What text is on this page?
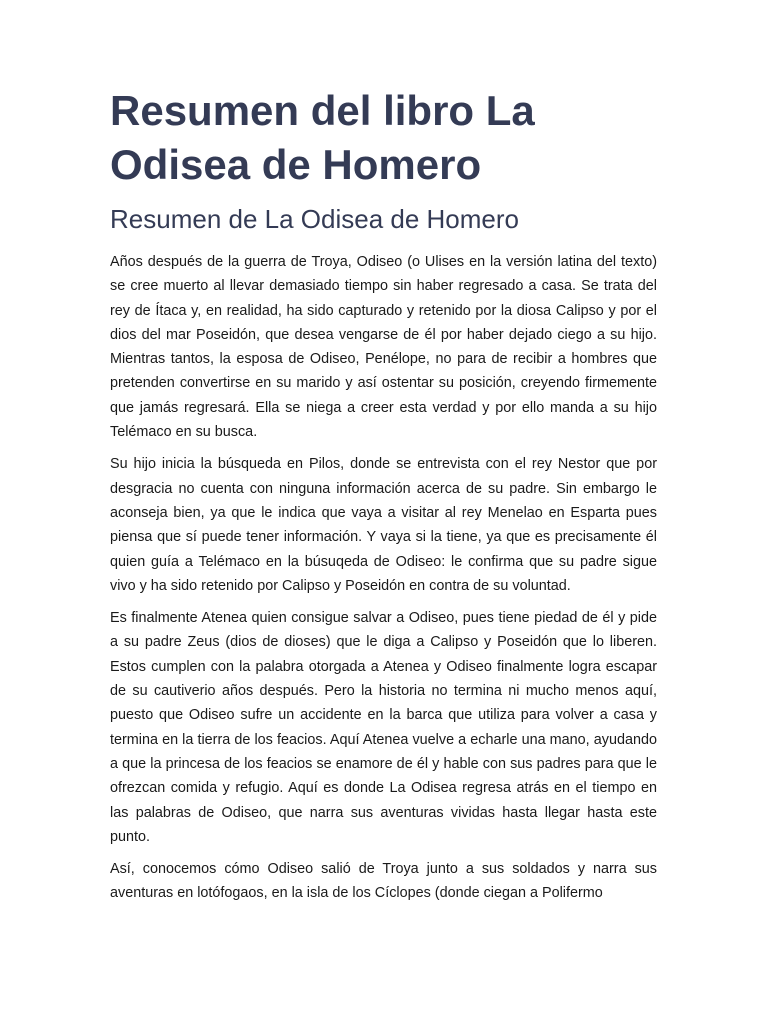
Resumen del libro La Odisea de Homero
Resumen de La Odisea de Homero

Años después de la guerra de Troya, Odiseo (o Ulises en la versión latina del texto) se cree muerto al llevar demasiado tiempo sin haber regresado a casa. Se trata del rey de Ítaca y, en realidad, ha sido capturado y retenido por la diosa Calipso y por el dios del mar Poseidón, que desea vengarse de él por haber dejado ciego a su hijo. Mientras tantos, la esposa de Odiseo, Penélope, no para de recibir a hombres que pretenden convertirse en su marido y así ostentar su posición, creyendo firmemente que jamás regresará. Ella se niega a creer esta verdad y por ello manda a su hijo Telémaco en su busca.

Su hijo inicia la búsqueda en Pilos, donde se entrevista con el rey Nestor que por desgracia no cuenta con ninguna información acerca de su padre. Sin embargo le aconseja bien, ya que le indica que vaya a visitar al rey Menelao en Esparta pues piensa que sí puede tener información. Y vaya si la tiene, ya que es precisamente él quien guía a Telémaco en la búsuqeda de Odiseo: le confirma que su padre sigue vivo y ha sido retenido por Calipso y Poseidón en contra de su voluntad.

Es finalmente Atenea quien consigue salvar a Odiseo, pues tiene piedad de él y pide a su padre Zeus (dios de dioses) que le diga a Calipso y Poseidón que lo liberen. Estos cumplen con la palabra otorgada a Atenea y Odiseo finalmente logra escapar de su cautiverio años después. Pero la historia no termina ni mucho menos aquí, puesto que Odiseo sufre un accidente en la barca que utiliza para volver a casa y termina en la tierra de los feacios. Aquí Atenea vuelve a echarle una mano, ayudando a que la princesa de los feacios se enamore de él y hable con sus padres para que le ofrezcan comida y refugio. Aquí es donde La Odisea regresa atrás en el tiempo en las palabras de Odiseo, que narra sus aventuras vividas hasta llegar hasta este punto.

Así, conocemos cómo Odiseo salió de Troya junto a sus soldados y narra sus aventuras en lotófogaos, en la isla de los Cíclopes (donde ciegan a Polifermo
